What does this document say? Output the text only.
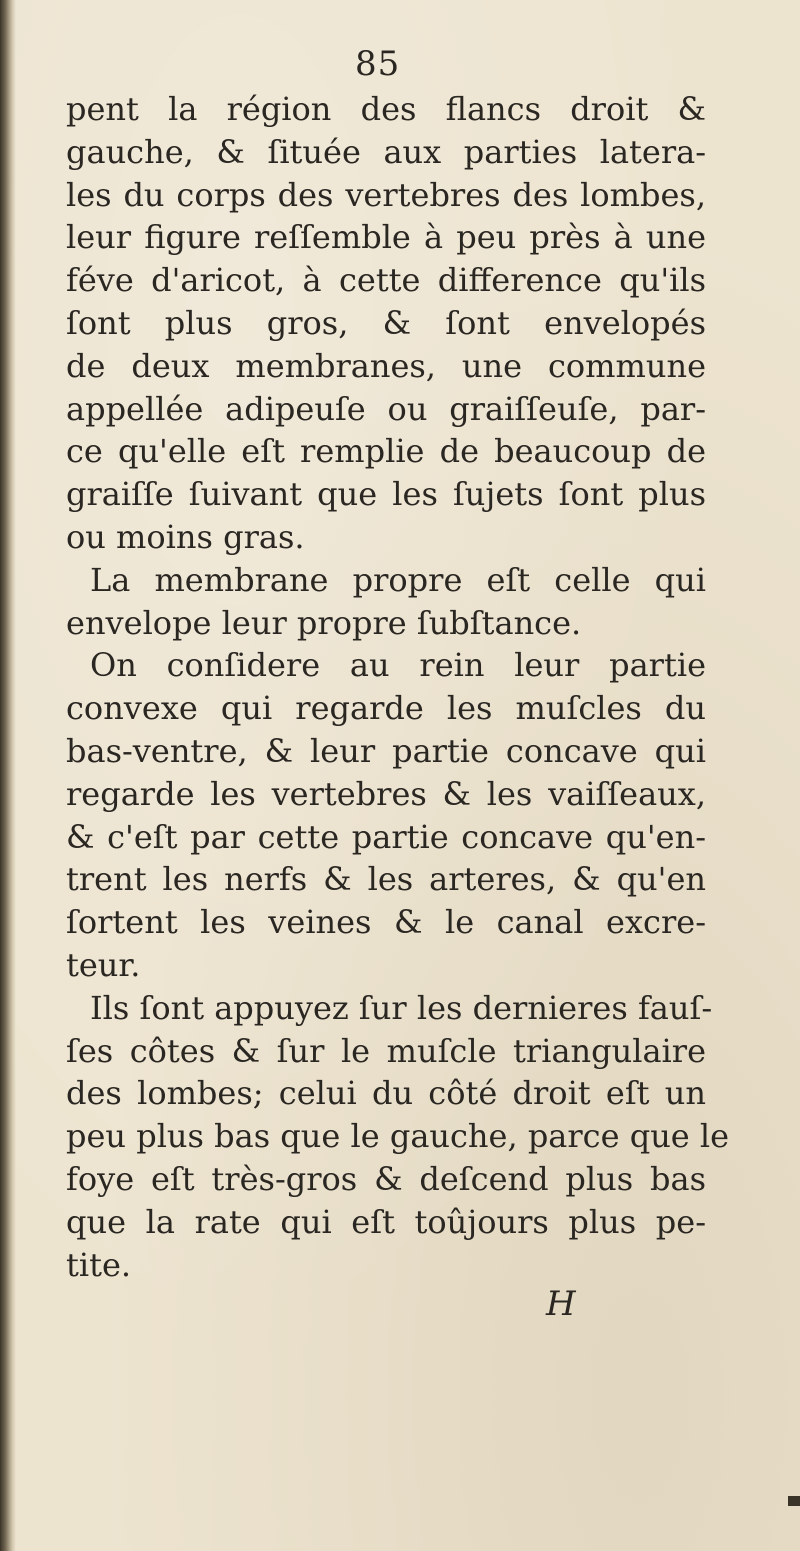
85
pent la région des flancs droit &
gauche, & ſituée aux parties latera-
les du corps des vertebres des lombes,
leur figure reſſemble à peu près à une
féve d'aricot, à cette difference qu'ils
ſont plus gros, & ſont envelopés
de deux membranes, une commune
appellée adipeuſe ou graiſſeuſe, par-
ce qu'elle eſt remplie de beaucoup de
graiſſe ſuivant que les ſujets ſont plus
ou moins gras.
La membrane propre eſt celle qui
envelope leur propre ſubſtance.
On conſidere au rein leur partie
convexe qui regarde les muſcles du
bas-ventre, & leur partie concave qui
regarde les vertebres & les vaiſſeaux,
& c'eſt par cette partie concave qu'en-
trent les nerfs & les arteres, & qu'en
ſortent les veines & le canal excre-
teur.
Ils ſont appuyez ſur les dernieres fauſ-
ſes côtes & ſur le muſcle triangulaire
des lombes; celui du côté droit eſt un
peu plus bas que le gauche, parce que le
foye eſt très-gros & deſcend plus bas
que la rate qui eſt toûjours plus pe-
tite.
H
